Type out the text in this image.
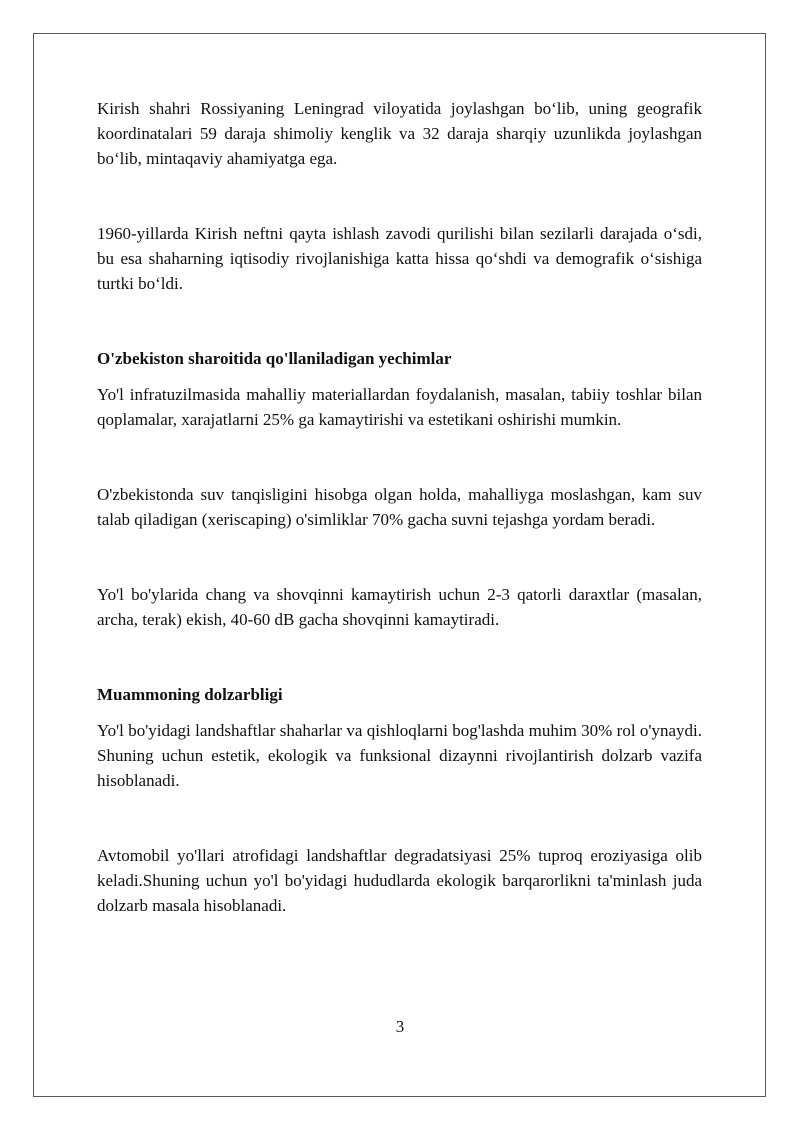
Kirish shahri Rossiyaning Leningrad viloyatida joylashgan bo‘lib, uning geografik koordinatalari 59 daraja shimoliy kenglik va 32 daraja sharqiy uzunlikda joylashgan bo‘lib, mintaqaviy ahamiyatga ega.

1960-yillarda Kirish neftni qayta ishlash zavodi qurilishi bilan sezilarli darajada o‘sdi, bu esa shaharning iqtisodiy rivojlanishiga katta hissa qo‘shdi va demografik o‘sishiga turtki bo‘ldi.

O'zbekiston sharoitida qo'llaniladigan yechimlar

Yo'l infratuzilmasida mahalliy materiallardan foydalanish, masalan, tabiiy toshlar bilan qoplamalar, xarajatlarni 25% ga kamaytirishi va estetikani oshirishi mumkin.

O'zbekistonda suv tanqisligini hisobga olgan holda, mahalliyga moslashgan, kam suv talab qiladigan (xeriscaping) o'simliklar 70% gacha suvni tejashga yordam beradi.

Yo'l bo'ylarida chang va shovqinni kamaytirish uchun 2-3 qatorli daraxtlar (masalan, archa, terak) ekish, 40-60 dB gacha shovqinni kamaytiradi.

Muammoning dolzarbligi

Yo'l bo'yidagi landshaftlar shaharlar va qishloqlarni bog'lashda muhim 30% rol o'ynaydi. Shuning uchun estetik, ekologik va funksional dizaynni rivojlantirish dolzarb vazifa hisoblanadi.

Avtomobil yo'llari atrofidagi landshaftlar degradatsiyasi 25% tuproq eroziyasiga olib keladi.Shuning uchun yo'l bo'yidagi hududlarda ekologik barqarorlikni ta'minlash juda dolzarb masala hisoblanadi.

3
